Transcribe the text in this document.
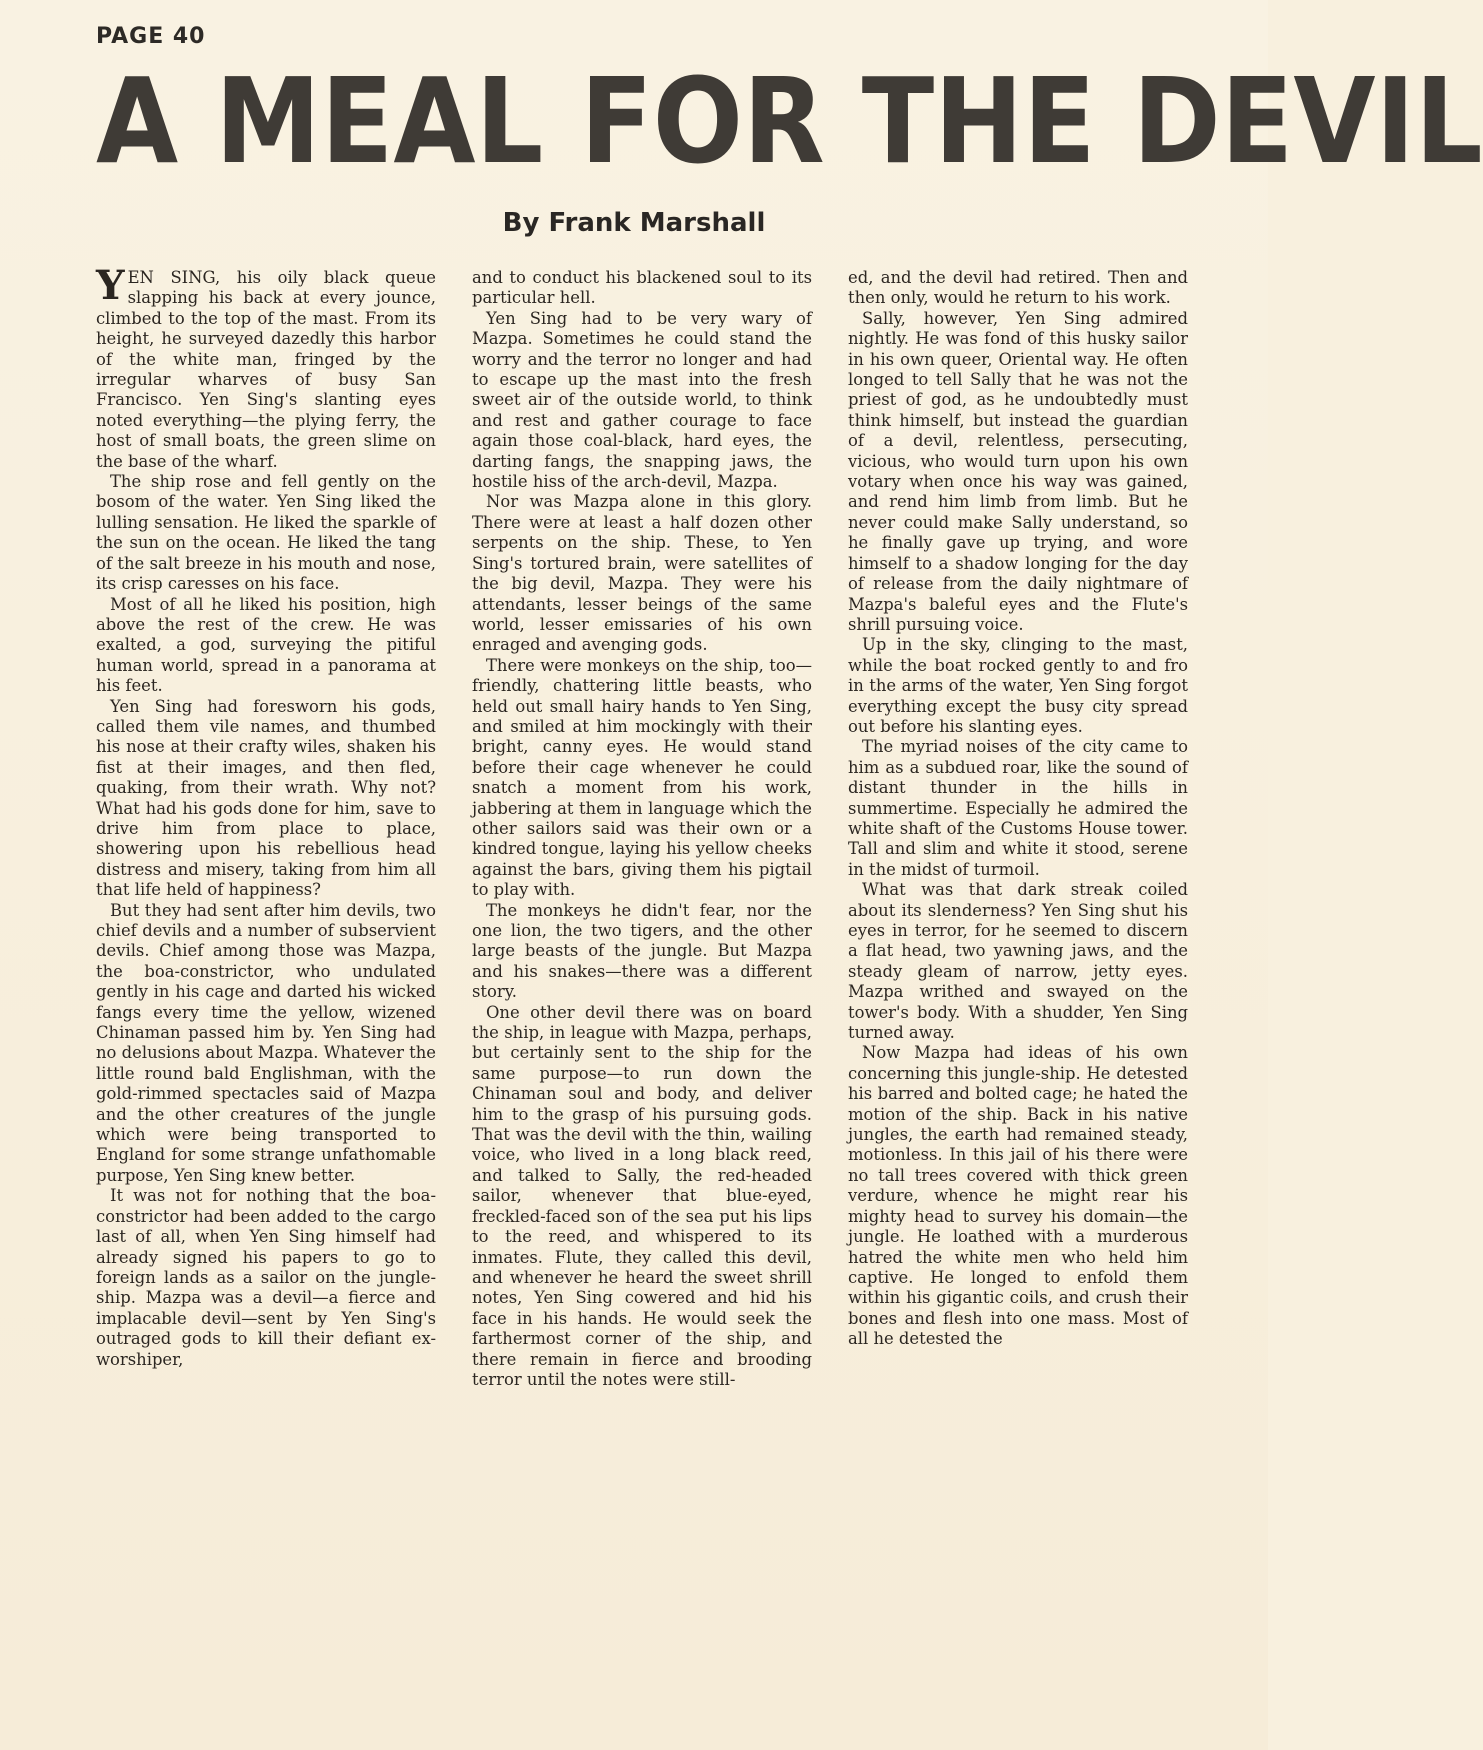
PAGE 40
A MEAL FOR THE DEVIL
By Frank Marshall

YEN SING, his oily black queue slapping his back at every jounce, climbed to the top of the mast. From its height, he surveyed dazedly this harbor of the white man, fringed by the irregular wharves of busy San Francisco. Yen Sing's slanting eyes noted everything—the plying ferry, the host of small boats, the green slime on the base of the wharf.

The ship rose and fell gently on the bosom of the water. Yen Sing liked the lulling sensation. He liked the sparkle of the sun on the ocean. He liked the tang of the salt breeze in his mouth and nose, its crisp caresses on his face.

Most of all he liked his position, high above the rest of the crew. He was exalted, a god, surveying the pitiful human world, spread in a panorama at his feet.

Yen Sing had foresworn his gods, called them vile names, and thumbed his nose at their crafty wiles, shaken his fist at their images, and then fled, quaking, from their wrath. Why not? What had his gods done for him, save to drive him from place to place, showering upon his rebellious head distress and misery, taking from him all that life held of happiness?

But they had sent after him devils, two chief devils and a number of subservient devils. Chief among those was Mazpa, the boa-constrictor, who undulated gently in his cage and darted his wicked fangs every time the yellow, wizened Chinaman passed him by. Yen Sing had no delusions about Mazpa. Whatever the little round bald Englishman, with the gold-rimmed spectacles said of Mazpa and the other creatures of the jungle which were being transported to England for some strange unfathomable purpose, Yen Sing knew better.

It was not for nothing that the boa-constrictor had been added to the cargo last of all, when Yen Sing himself had already signed his papers to go to foreign lands as a sailor on the jungle-ship. Mazpa was a devil—a fierce and implacable devil—sent by Yen Sing's outraged gods to kill their defiant ex-worshiper,

and to conduct his blackened soul to its particular hell.

Yen Sing had to be very wary of Mazpa. Sometimes he could stand the worry and the terror no longer and had to escape up the mast into the fresh sweet air of the outside world, to think and rest and gather courage to face again those coal-black, hard eyes, the darting fangs, the snapping jaws, the hostile hiss of the arch-devil, Mazpa.

Nor was Mazpa alone in this glory. There were at least a half dozen other serpents on the ship. These, to Yen Sing's tortured brain, were satellites of the big devil, Mazpa. They were his attendants, lesser beings of the same world, lesser emissaries of his own enraged and avenging gods.

There were monkeys on the ship, too—friendly, chattering little beasts, who held out small hairy hands to Yen Sing, and smiled at him mockingly with their bright, canny eyes. He would stand before their cage whenever he could snatch a moment from his work, jabbering at them in language which the other sailors said was their own or a kindred tongue, laying his yellow cheeks against the bars, giving them his pigtail to play with.

The monkeys he didn't fear, nor the one lion, the two tigers, and the other large beasts of the jungle. But Mazpa and his snakes—there was a different story.

One other devil there was on board the ship, in league with Mazpa, perhaps, but certainly sent to the ship for the same purpose—to run down the Chinaman soul and body, and deliver him to the grasp of his pursuing gods. That was the devil with the thin, wailing voice, who lived in a long black reed, and talked to Sally, the red-headed sailor, whenever that blue-eyed, freckled-faced son of the sea put his lips to the reed, and whispered to its inmates. Flute, they called this devil, and whenever he heard the sweet shrill notes, Yen Sing cowered and hid his face in his hands. He would seek the farthermost corner of the ship, and there remain in fierce and brooding terror until the notes were still-

ed, and the devil had retired. Then and then only, would he return to his work.

Sally, however, Yen Sing admired nightly. He was fond of this husky sailor in his own queer, Oriental way. He often longed to tell Sally that he was not the priest of god, as he undoubtedly must think himself, but instead the guardian of a devil, relentless, persecuting, vicious, who would turn upon his own votary when once his way was gained, and rend him limb from limb. But he never could make Sally understand, so he finally gave up trying, and wore himself to a shadow longing for the day of release from the daily nightmare of Mazpa's baleful eyes and the Flute's shrill pursuing voice.

Up in the sky, clinging to the mast, while the boat rocked gently to and fro in the arms of the water, Yen Sing forgot everything except the busy city spread out before his slanting eyes.

The myriad noises of the city came to him as a subdued roar, like the sound of distant thunder in the hills in summertime. Especially he admired the white shaft of the Customs House tower. Tall and slim and white it stood, serene in the midst of turmoil.

What was that dark streak coiled about its slenderness? Yen Sing shut his eyes in terror, for he seemed to discern a flat head, two yawning jaws, and the steady gleam of narrow, jetty eyes. Mazpa writhed and swayed on the tower's body. With a shudder, Yen Sing turned away.

Now Mazpa had ideas of his own concerning this jungle-ship. He detested his barred and bolted cage; he hated the motion of the ship. Back in his native jungles, the earth had remained steady, motionless. In this jail of his there were no tall trees covered with thick green verdure, whence he might rear his mighty head to survey his domain—the jungle. He loathed with a murderous hatred the white men who held him captive. He longed to enfold them within his gigantic coils, and crush their bones and flesh into one mass. Most of all he detested the
